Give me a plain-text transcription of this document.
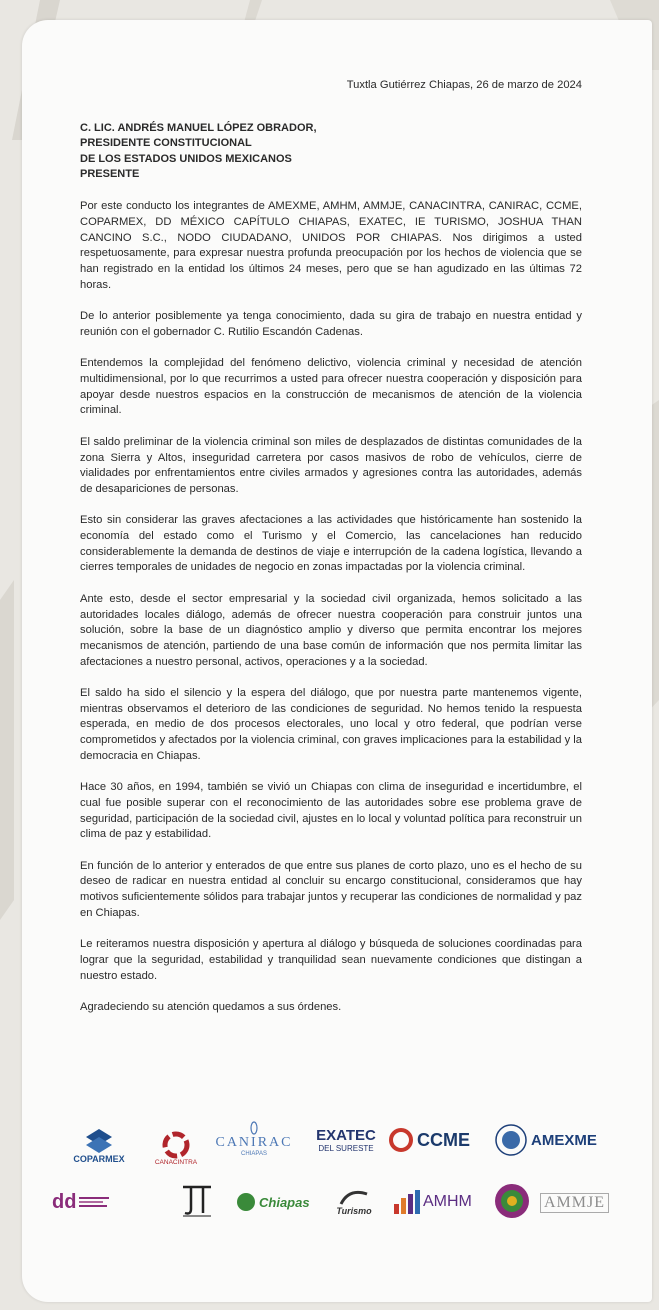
Tuxtla Gutiérrez Chiapas, 26 de marzo de 2024

C. LIC. ANDRÉS MANUEL LÓPEZ OBRADOR,
PRESIDENTE CONSTITUCIONAL
DE LOS ESTADOS UNIDOS MEXICANOS
PRESENTE

Por este conducto los integrantes de AMEXME, AMHM, AMMJE, CANACINTRA, CANIRAC, CCME, COPARMEX, DD MÉXICO CAPÍTULO CHIAPAS, EXATEC, IE TURISMO, JOSHUA THAN CANCINO S.C., NODO CIUDADANO, UNIDOS POR CHIAPAS. Nos dirigimos a usted respetuosamente, para expresar nuestra profunda preocupación por los hechos de violencia que se han registrado en la entidad los últimos 24 meses, pero que se han agudizado en las últimas 72 horas.

De lo anterior posiblemente ya tenga conocimiento, dada su gira de trabajo en nuestra entidad y reunión con el gobernador C. Rutilio Escandón Cadenas.

Entendemos la complejidad del fenómeno delictivo, violencia criminal y necesidad de atención multidimensional, por lo que recurrimos a usted para ofrecer nuestra cooperación y disposición para apoyar desde nuestros espacios en la construcción de mecanismos de atención de la violencia criminal.

El saldo preliminar de la violencia criminal son miles de desplazados de distintas comunidades de la zona Sierra y Altos, inseguridad carretera por casos masivos de robo de vehículos, cierre de vialidades por enfrentamientos entre civiles armados y agresiones contra las autoridades, además de desapariciones de personas.

Esto sin considerar las graves afectaciones a las actividades que históricamente han sostenido la economía del estado como el Turismo y el Comercio, las cancelaciones han reducido considerablemente la demanda de destinos de viaje e interrupción de la cadena logística, llevando a cierres temporales de unidades de negocio en zonas impactadas por la violencia criminal.

Ante esto, desde el sector empresarial y la sociedad civil organizada, hemos solicitado a las autoridades locales diálogo, además de ofrecer nuestra cooperación para construir juntos una solución, sobre la base de un diagnóstico amplio y diverso que permita encontrar los mejores mecanismos de atención, partiendo de una base común de información que nos permita limitar las afectaciones a nuestro personal, activos, operaciones y a la sociedad.

El saldo ha sido el silencio y la espera del diálogo, que por nuestra parte mantenemos vigente, mientras observamos el deterioro de las condiciones de seguridad. No hemos tenido la respuesta esperada, en medio de dos procesos electorales, uno local y otro federal, que podrían verse comprometidos y afectados por la violencia criminal, con graves implicaciones para la estabilidad y la democracia en Chiapas.

Hace 30 años, en 1994, también se vivió un Chiapas con clima de inseguridad e incertidumbre, el cual fue posible superar con el reconocimiento de las autoridades sobre ese problema grave de seguridad, participación de la sociedad civil, ajustes en lo local y voluntad política para reconstruir un clima de paz y estabilidad.

En función de lo anterior y enterados de que entre sus planes de corto plazo, uno es el hecho de su deseo de radicar en nuestra entidad al concluir su encargo constitucional, consideramos que hay motivos suficientemente sólidos para trabajar juntos y recuperar las condiciones de normalidad y paz en Chiapas.

Le reiteramos nuestra disposición y apertura al diálogo y búsqueda de soluciones coordinadas para lograr que la seguridad, estabilidad y tranquilidad sean nuevamente condiciones que distingan a nuestro estado.

Agradeciendo su atención quedamos a sus órdenes.

COPARMEX	CANACINTRA
CANIRAC
CHIAPAS
EXATEC
DEL SURESTE CCME	AMEXME
dd	Chiapas
Turismo
AMHM	AMMJE
